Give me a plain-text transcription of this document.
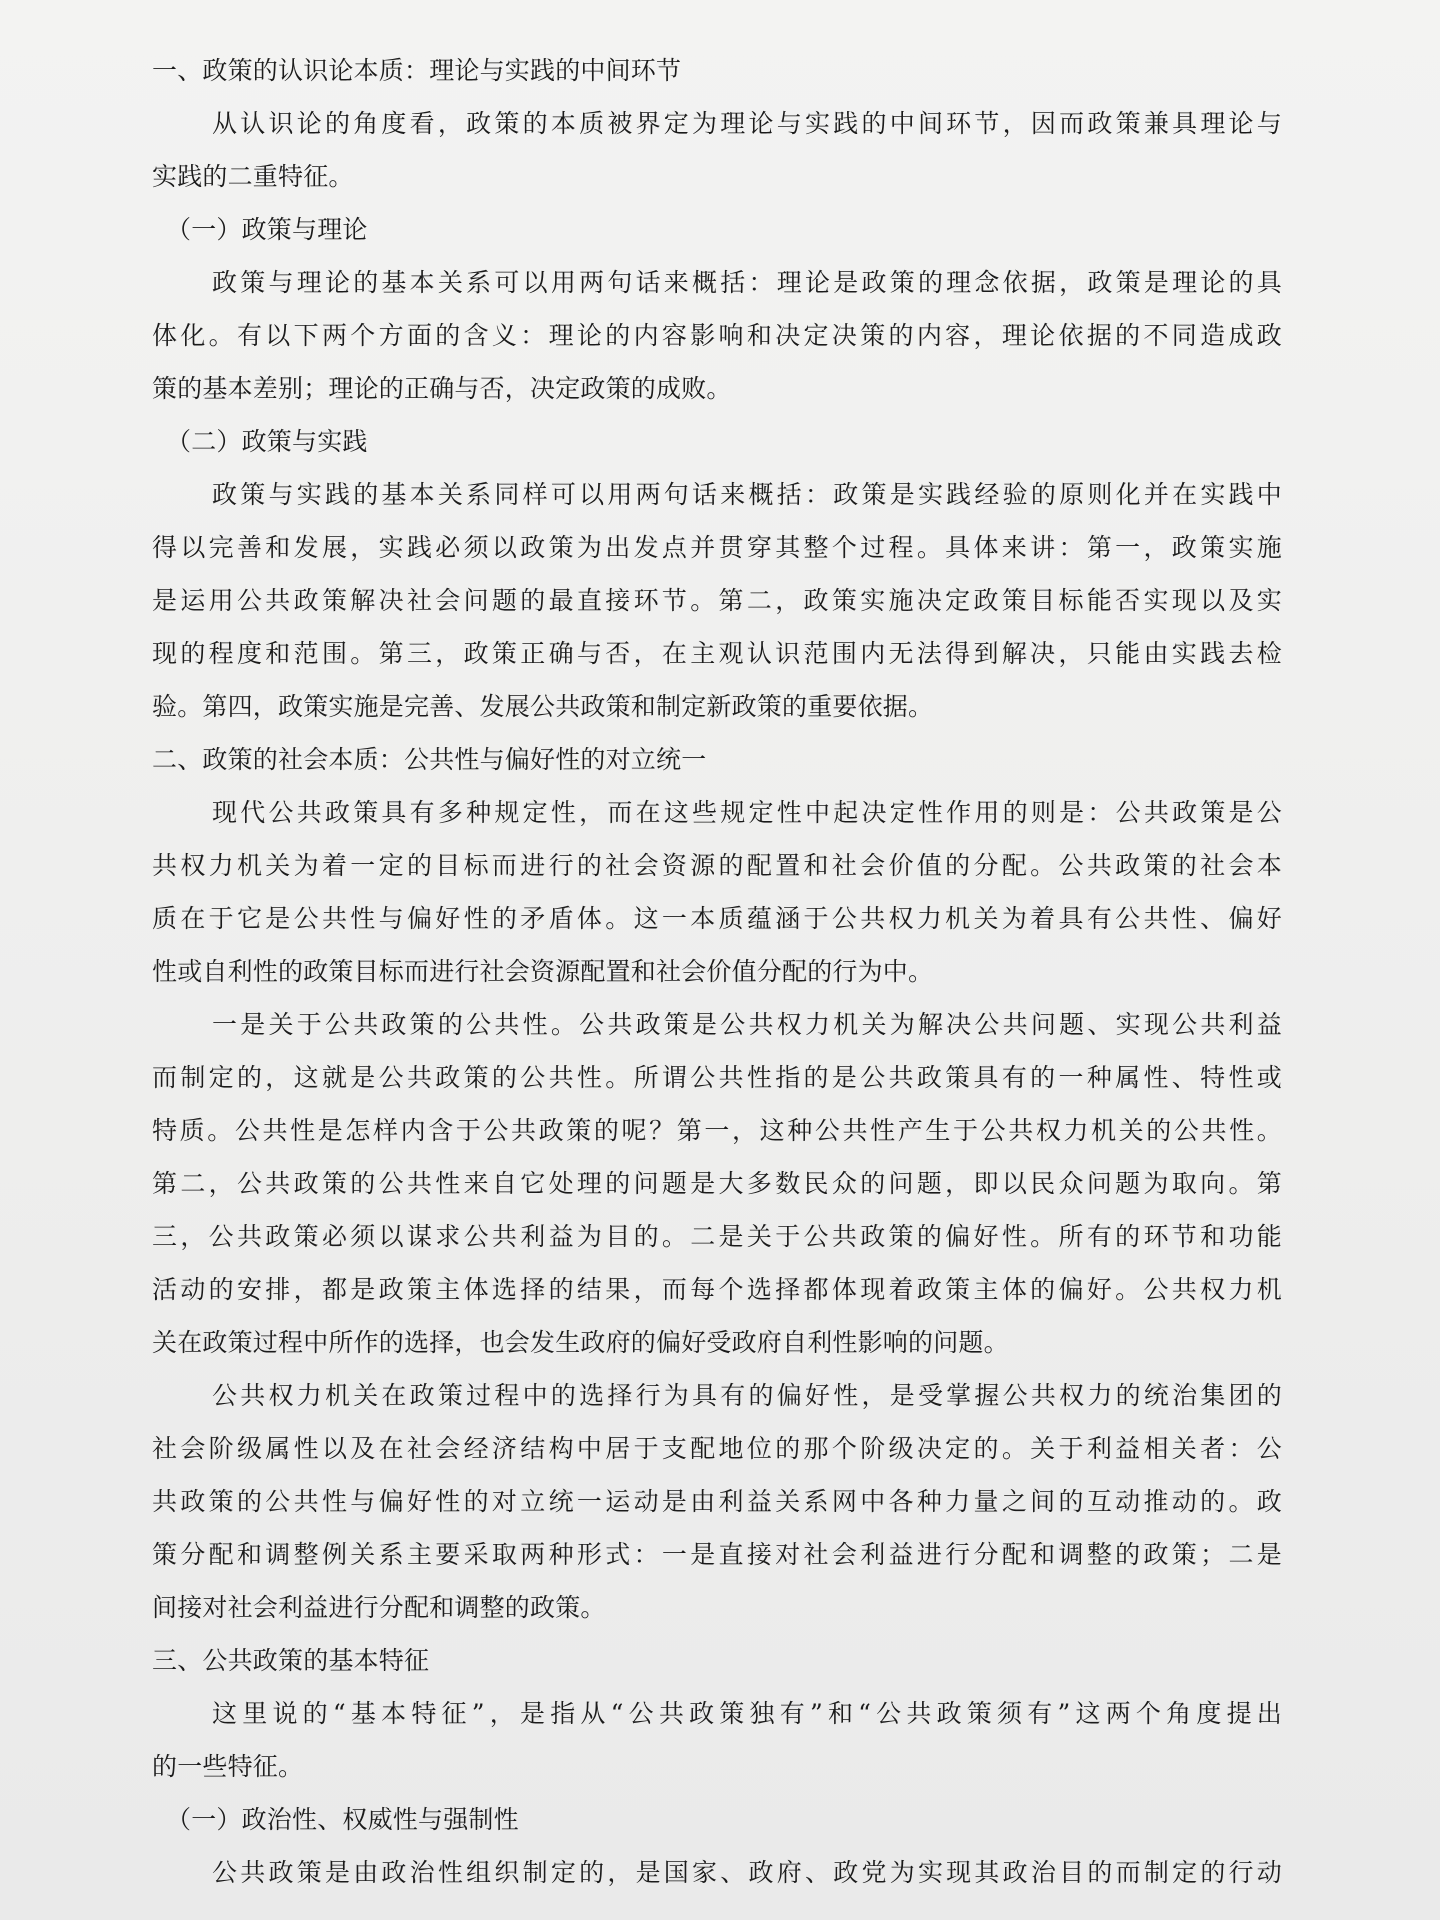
一、政策的认识论本质：理论与实践的中间环节
从认识论的角度看，政策的本质被界定为理论与实践的中间环节，因而政策兼具理论与
实践的二重特征。
（一）政策与理论
政策与理论的基本关系可以用两句话来概括：理论是政策的理念依据，政策是理论的具
体化。有以下两个方面的含义：理论的内容影响和决定决策的内容，理论依据的不同造成政
策的基本差别；理论的正确与否，决定政策的成败。
（二）政策与实践
政策与实践的基本关系同样可以用两句话来概括：政策是实践经验的原则化并在实践中
得以完善和发展，实践必须以政策为出发点并贯穿其整个过程。具体来讲：第一，政策实施
是运用公共政策解决社会问题的最直接环节。第二，政策实施决定政策目标能否实现以及实
现的程度和范围。第三，政策正确与否，在主观认识范围内无法得到解决，只能由实践去检
验。第四，政策实施是完善、发展公共政策和制定新政策的重要依据。
二、政策的社会本质：公共性与偏好性的对立统一
现代公共政策具有多种规定性，而在这些规定性中起决定性作用的则是：公共政策是公
共权力机关为着一定的目标而进行的社会资源的配置和社会价值的分配。公共政策的社会本
质在于它是公共性与偏好性的矛盾体。这一本质蕴涵于公共权力机关为着具有公共性、偏好
性或自利性的政策目标而进行社会资源配置和社会价值分配的行为中。
一是关于公共政策的公共性。公共政策是公共权力机关为解决公共问题、实现公共利益
而制定的，这就是公共政策的公共性。所谓公共性指的是公共政策具有的一种属性、特性或
特质。公共性是怎样内含于公共政策的呢？第一，这种公共性产生于公共权力机关的公共性。
第二，公共政策的公共性来自它处理的问题是大多数民众的问题，即以民众问题为取向。第
三，公共政策必须以谋求公共利益为目的。二是关于公共政策的偏好性。所有的环节和功能
活动的安排，都是政策主体选择的结果，而每个选择都体现着政策主体的偏好。公共权力机
关在政策过程中所作的选择，也会发生政府的偏好受政府自利性影响的问题。
公共权力机关在政策过程中的选择行为具有的偏好性，是受掌握公共权力的统治集团的
社会阶级属性以及在社会经济结构中居于支配地位的那个阶级决定的。关于利益相关者：公
共政策的公共性与偏好性的对立统一运动是由利益关系网中各种力量之间的互动推动的。政
策分配和调整例关系主要采取两种形式：一是直接对社会利益进行分配和调整的政策；二是
间接对社会利益进行分配和调整的政策。
三、公共政策的基本特征
这里说的“基本特征”，是指从“公共政策独有”和“公共政策须有”这两个角度提出
的一些特征。
（一）政治性、权威性与强制性
公共政策是由政治性组织制定的，是国家、政府、政党为实现其政治目的而制定的行动
